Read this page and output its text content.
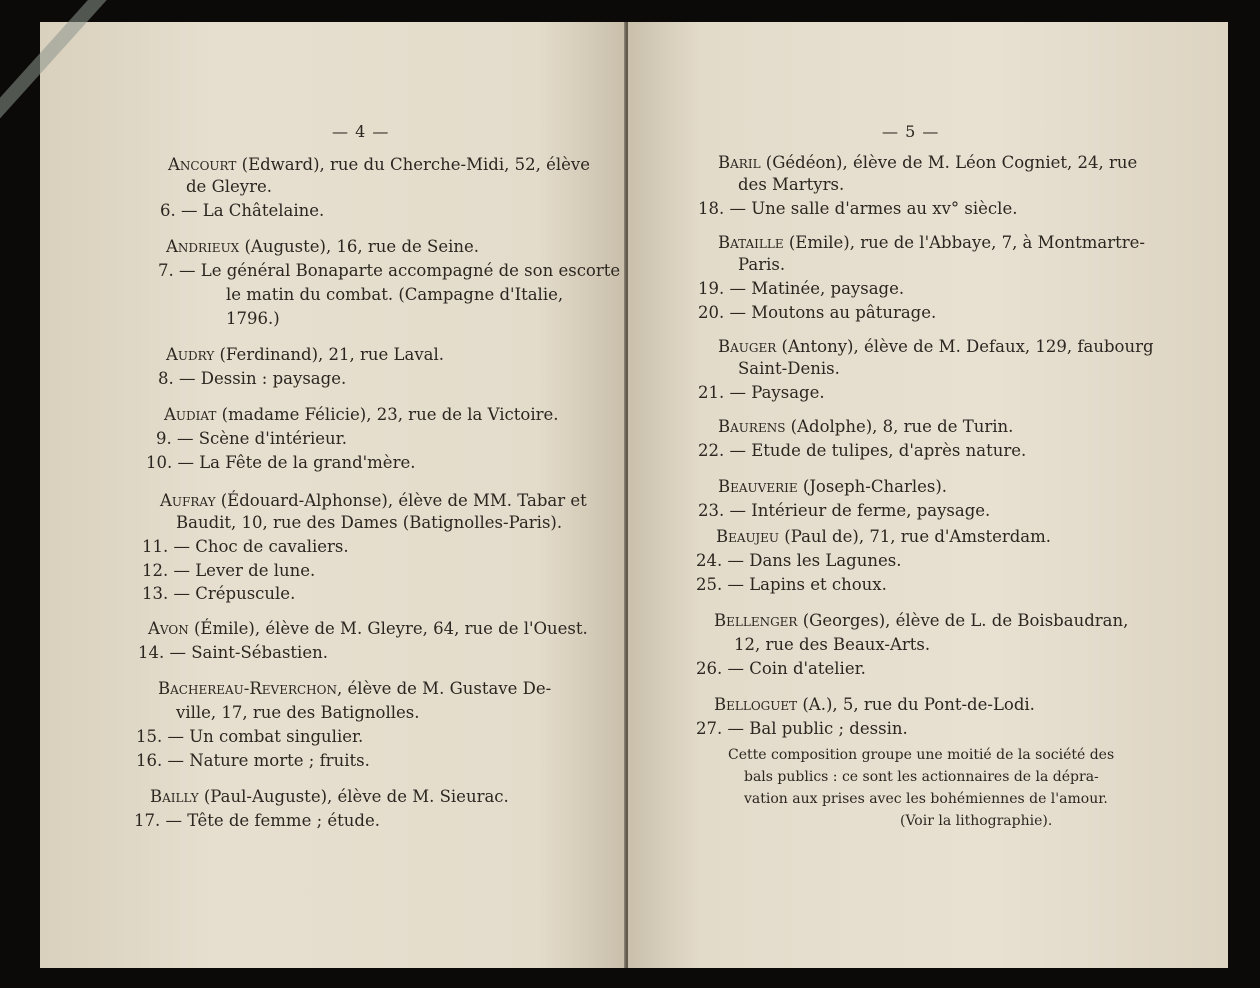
— 4 —
Ancourt (Edward), rue du Cherche-Midi, 52, élève
de Gleyre.
6. — La Châtelaine.
Andrieux (Auguste), 16, rue de Seine.
7. — Le général Bonaparte accompagné de son escorte
le matin du combat. (Campagne d'Italie,
1796.)
Audry (Ferdinand), 21, rue Laval.
8. — Dessin : paysage.
Audiat (madame Félicie), 23, rue de la Victoire.
9. — Scène d'intérieur.
10. — La Fête de la grand'mère.
Aufray (Édouard-Alphonse), élève de MM. Tabar et
Baudit, 10, rue des Dames (Batignolles-Paris).
11. — Choc de cavaliers.
12. — Lever de lune.
13. — Crépuscule.
Avon (Émile), élève de M. Gleyre, 64, rue de l'Ouest.
14. — Saint-Sébastien.
Bachereau-Reverchon, élève de M. Gustave De-
ville, 17, rue des Batignolles.
15. — Un combat singulier.
16. — Nature morte ; fruits.
Bailly (Paul-Auguste), élève de M. Sieurac.
17. — Tête de femme ; étude.
— 5 —
Baril (Gédéon), élève de M. Léon Cogniet, 24, rue
des Martyrs.
18. — Une salle d'armes au xv° siècle.
Bataille (Emile), rue de l'Abbaye, 7, à Montmartre-
Paris.
19. — Matinée, paysage.
20. — Moutons au pâturage.
Bauger (Antony), élève de M. Defaux, 129, faubourg
Saint-Denis.
21. — Paysage.
Baurens (Adolphe), 8, rue de Turin.
22. — Etude de tulipes, d'après nature.
Beauverie (Joseph-Charles).
23. — Intérieur de ferme, paysage.
Beaujeu (Paul de), 71, rue d'Amsterdam.
24. — Dans les Lagunes.
25. — Lapins et choux.
Bellenger (Georges), élève de L. de Boisbaudran,
12, rue des Beaux-Arts.
26. — Coin d'atelier.
Belloguet (A.), 5, rue du Pont-de-Lodi.
27. — Bal public ; dessin.
Cette composition groupe une moitié de la société des
bals publics : ce sont les actionnaires de la dépra-
vation aux prises avec les bohémiennes de l'amour.
(Voir la lithographie).
